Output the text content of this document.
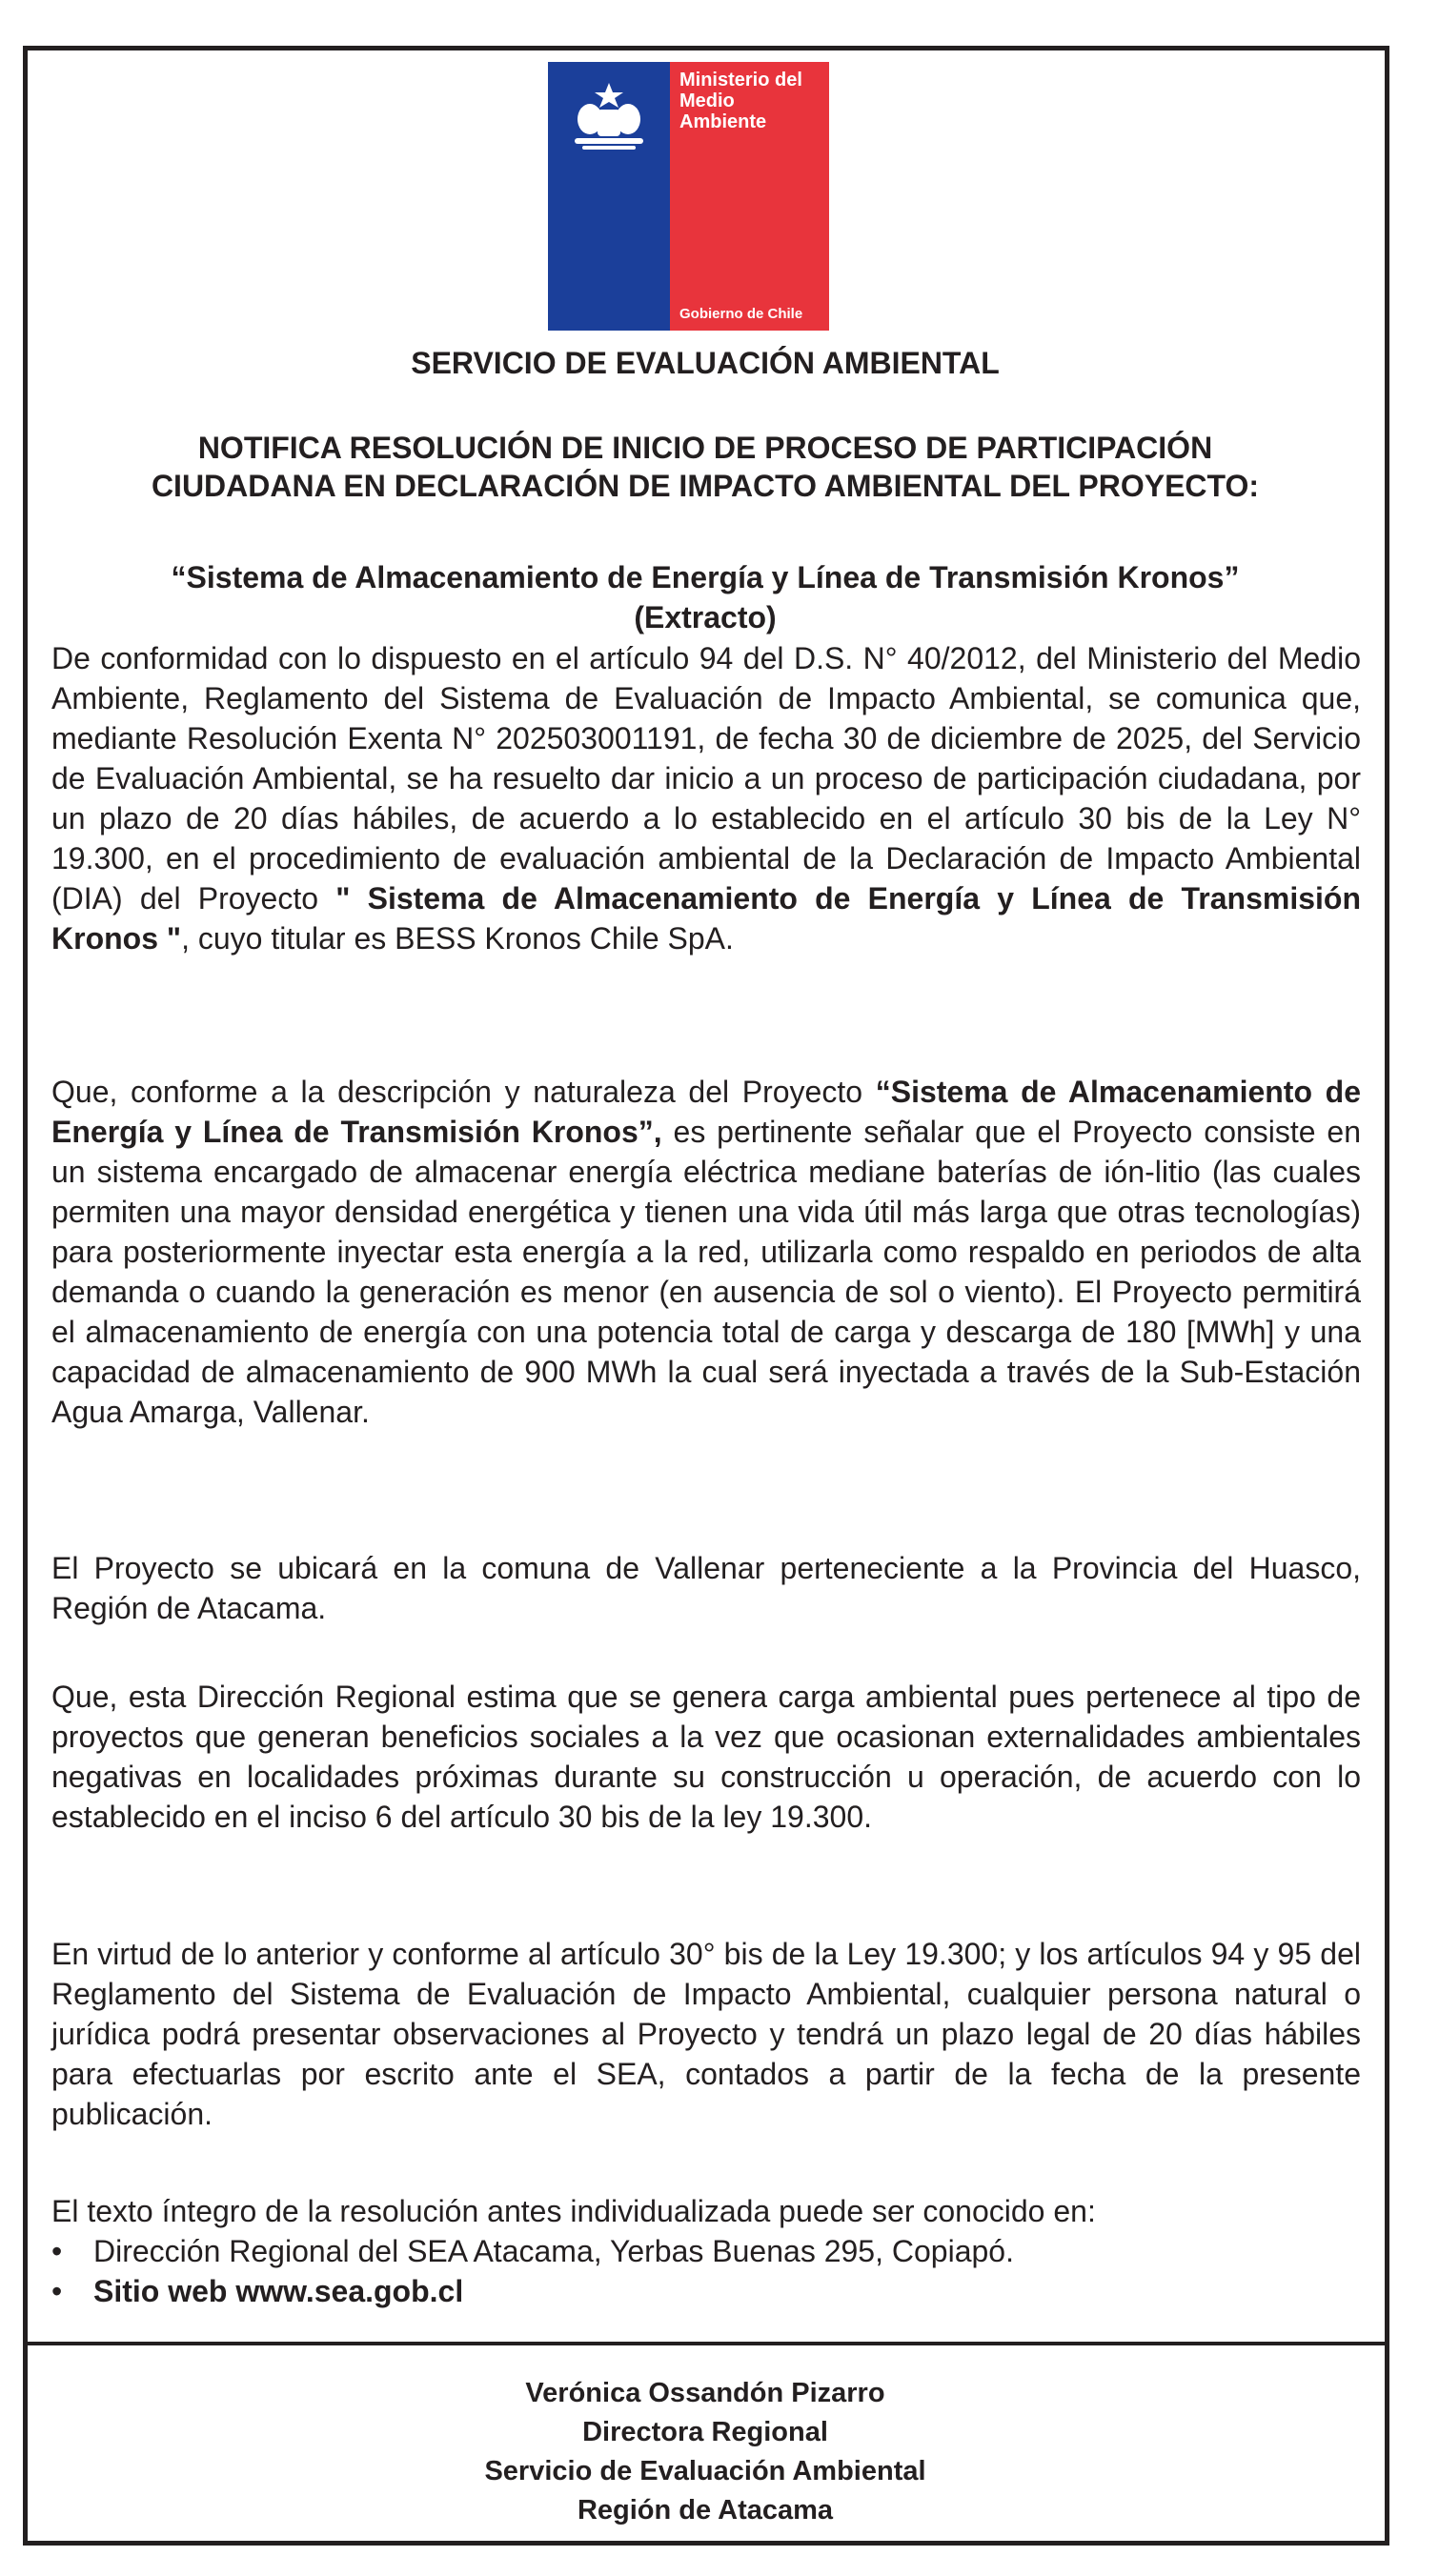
Ministerio del
Medio
Ambiente
Gobierno de Chile
SERVICIO DE EVALUACIÓN AMBIENTAL
NOTIFICA RESOLUCIÓN DE INICIO DE PROCESO DE PARTICIPACIÓN
CIUDADANA EN DECLARACIÓN DE IMPACTO AMBIENTAL DEL PROYECTO:
“Sistema de Almacenamiento de Energía y Línea de Transmisión Kronos”
(Extracto)
De conformidad con lo dispuesto en el artículo 94 del D.S. N° 40/2012, del Ministerio del Medio Ambiente, Reglamento del Sistema de Evaluación de Impacto Ambiental, se comunica que, mediante Resolución Exenta N° 202503001191, de fecha 30 de diciembre de 2025, del Servicio de Evaluación Ambiental, se ha resuelto dar inicio a un proceso de participación ciudadana, por un plazo de 20 días hábiles, de acuerdo a lo establecido en el artículo 30 bis de la Ley N° 19.300, en el procedimiento de evaluación ambiental de la Declaración de Impacto Ambiental (DIA) del Proyecto " Sistema de Almacenamiento de Energía y Línea de Transmisión Kronos ", cuyo titular es BESS Kronos Chile SpA.
Que, conforme a la descripción y naturaleza del Proyecto “Sistema de Almacenamiento de Energía y Línea de Transmisión Kronos”, es pertinente señalar que el Proyecto consiste en un sistema encargado de almacenar energía eléctrica mediane baterías de ión-litio (las cuales permiten una mayor densidad energética y tienen una vida útil más larga que otras tecnologías) para posteriormente inyectar esta energía a la red, utilizarla como respaldo en periodos de alta demanda o cuando la generación es menor (en ausencia de sol o viento). El Proyecto permitirá el almacenamiento de energía con una potencia total de carga y descarga de 180 [MWh] y una capacidad de almacenamiento de 900 MWh la cual será inyectada a través de la Sub-Estación Agua Amarga, Vallenar.
El Proyecto se ubicará en la comuna de Vallenar perteneciente a la Provincia del Huasco, Región de Atacama.
Que, esta Dirección Regional estima que se genera carga ambiental pues pertenece al tipo de proyectos que generan beneficios sociales a la vez que ocasionan externalidades ambientales negativas en localidades próximas durante su construcción u operación, de acuerdo con lo establecido en el inciso 6 del artículo 30 bis de la ley 19.300.
En virtud de lo anterior y conforme al artículo 30° bis de la Ley 19.300; y los artículos 94 y 95 del Reglamento del Sistema de Evaluación de Impacto Ambiental, cualquier persona natural o jurídica podrá presentar observaciones al Proyecto y tendrá un plazo legal de 20 días hábiles para efectuarlas por escrito ante el SEA, contados a partir de la fecha de la presente publicación.

El texto íntegro de la resolución antes individualizada puede ser conocido en:

• Dirección Regional del SEA Atacama, Yerbas Buenas 295, Copiapó.
• Sitio web www.sea.gob.cl
Verónica Ossandón Pizarro
Directora Regional
Servicio de Evaluación Ambiental
Región de Atacama
